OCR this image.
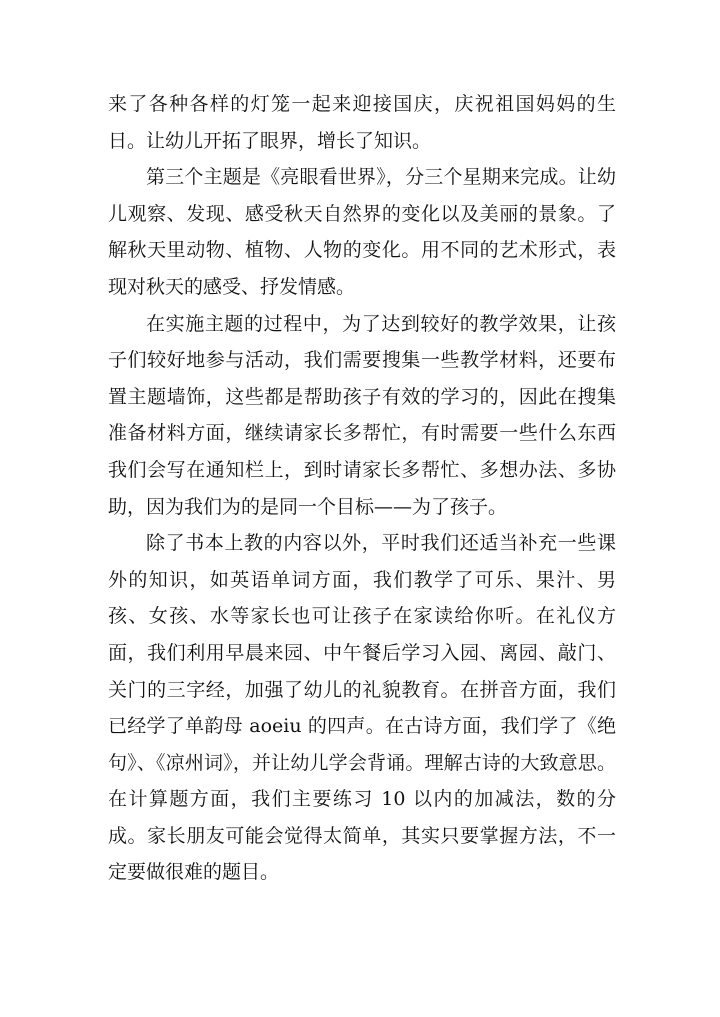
来了各种各样的灯笼一起来迎接国庆，庆祝祖国妈妈的生日。让幼儿开拓了眼界，增长了知识。

第三个主题是《亮眼看世界》，分三个星期来完成。让幼儿观察、发现、感受秋天自然界的变化以及美丽的景象。了解秋天里动物、植物、人物的变化。用不同的艺术形式，表现对秋天的感受、抒发情感。

在实施主题的过程中，为了达到较好的教学效果，让孩子们较好地参与活动，我们需要搜集一些教学材料，还要布置主题墙饰，这些都是帮助孩子有效的学习的，因此在搜集准备材料方面，继续请家长多帮忙，有时需要一些什么东西我们会写在通知栏上，到时请家长多帮忙、多想办法、多协助，因为我们为的是同一个目标——为了孩子。

除了书本上教的内容以外，平时我们还适当补充一些课外的知识，如英语单词方面，我们教学了可乐、果汁、男孩、女孩、水等家长也可让孩子在家读给你听。在礼仪方面，我们利用早晨来园、中午餐后学习入园、离园、敲门、关门的三字经，加强了幼儿的礼貌教育。在拼音方面，我们已经学了单韵母 aoeiu 的四声。在古诗方面，我们学了《绝句》、《凉州词》，并让幼儿学会背诵。理解古诗的大致意思。在计算题方面，我们主要练习 10 以内的加减法，数的分成。家长朋友可能会觉得太简单，其实只要掌握方法，不一定要做很难的题目。
